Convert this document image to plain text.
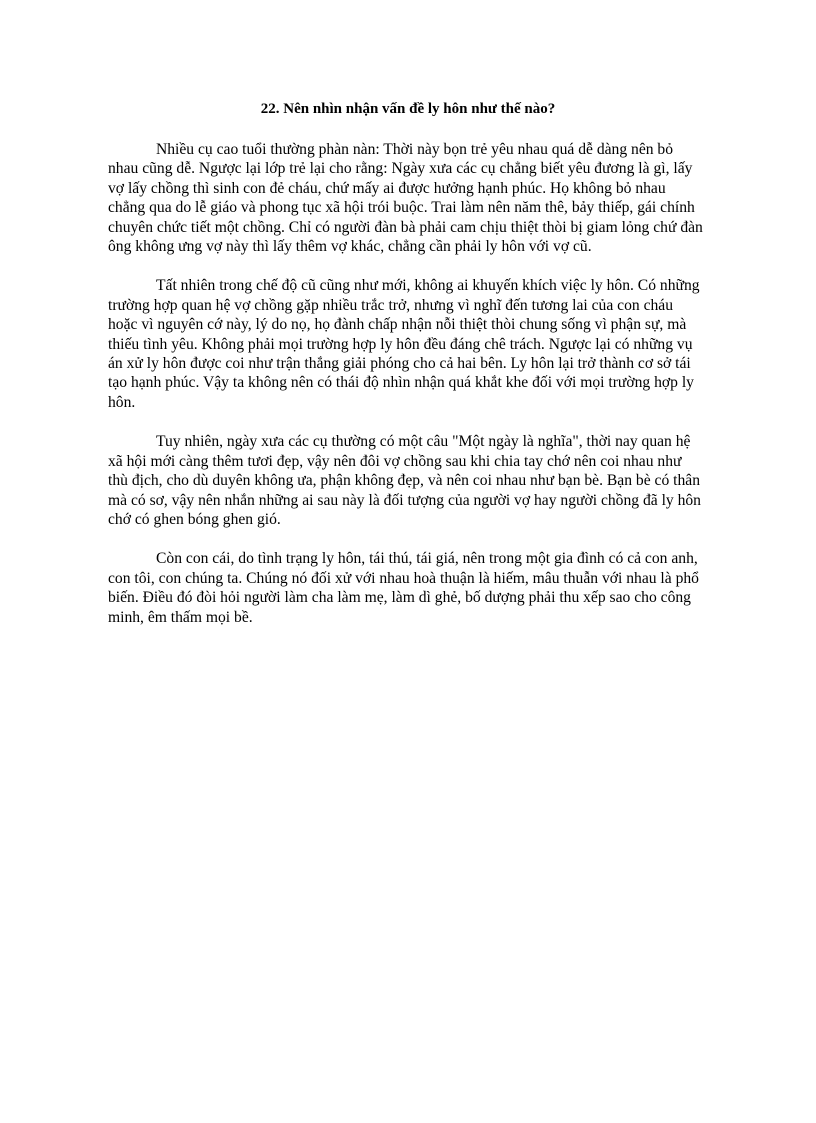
22. Nên nhìn nhận vấn đề ly hôn như thế nào?

Nhiều cụ cao tuổi thường phàn nàn: Thời này bọn trẻ yêu nhau quá dễ dàng nên bỏ nhau cũng dễ. Ngược lại lớp trẻ lại cho rằng: Ngày xưa các cụ chẳng biết yêu đương là gì, lấy vợ lấy chồng thì sinh con đẻ cháu, chứ mấy ai được hưởng hạnh phúc. Họ không bỏ nhau chẳng qua do lễ giáo và phong tục xã hội trói buộc. Trai làm nên năm thê, bảy thiếp, gái chính chuyên chức tiết một chồng. Chỉ có người đàn bà phải cam chịu thiệt thòi bị giam lỏng chứ đàn ông không ưng vợ này thì lấy thêm vợ khác, chẳng cần phải ly hôn với vợ cũ.

Tất nhiên trong chế độ cũ cũng như mới, không ai khuyến khích việc ly hôn. Có những trường hợp quan hệ vợ chồng gặp nhiều trắc trở, nhưng vì nghĩ đến tương lai của con cháu hoặc vì nguyên cớ này, lý do nọ, họ đành chấp nhận nỗi thiệt thòi chung sống vì phận sự, mà thiếu tình yêu. Không phải mọi trường hợp ly hôn đều đáng chê trách. Ngược lại có những vụ án xử ly hôn được coi như trận thắng giải phóng cho cả hai bên. Ly hôn lại trở thành cơ sở tái tạo hạnh phúc. Vậy ta không nên có thái độ nhìn nhận quá khắt khe đối với mọi trường hợp ly hôn.

Tuy nhiên, ngày xưa các cụ thường có một câu "Một ngày là nghĩa", thời nay quan hệ xã hội mới càng thêm tươi đẹp, vậy nên đôi vợ chồng sau khi chia tay chớ nên coi nhau như thù địch, cho dù duyên không ưa, phận không đẹp, và nên coi nhau như bạn bè. Bạn bè có thân mà có sơ, vậy nên nhắn những ai sau này là đối tượng của người vợ hay người chồng đã ly hôn chớ có ghen bóng ghen gió.

Còn con cái, do tình trạng ly hôn, tái thú, tái giá, nên trong một gia đình có cả con anh, con tôi, con chúng ta. Chúng nó đối xử với nhau hoà thuận là hiếm, mâu thuẫn với nhau là phổ biến. Điều đó đòi hỏi người làm cha làm mẹ, làm dì ghẻ, bố dượng phải thu xếp sao cho công minh, êm thấm mọi bề.
